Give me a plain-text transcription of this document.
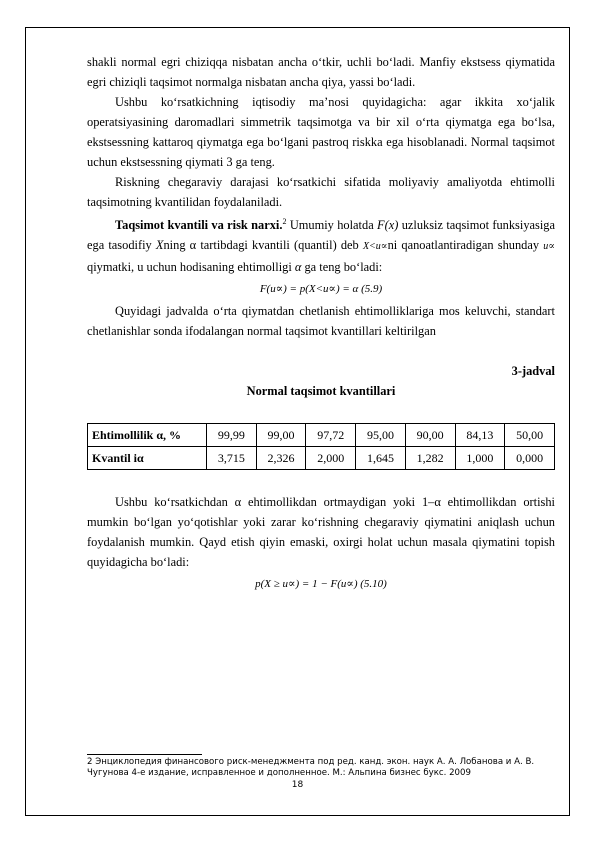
shakli normal egri chiziqqa nisbatan ancha o‘tkir, uchli bo‘ladi. Manfiy ekstsess qiymatida egri chiziqli taqsimot normalga nisbatan ancha qiya, yassi bo‘ladi.

Ushbu ko‘rsatkichning iqtisodiy ma’nosi quyidagicha: agar ikkita xo‘jalik operatsiyasining daromadlari simmetrik taqsimotga va bir xil o‘rta qiymatga ega bo‘lsa, ekstsessning kattaroq qiymatga ega bo‘lgani pastroq riskka ega hisoblanadi. Normal taqsimot uchun ekstsessning qiymati 3 ga teng.

Riskning chegaraviy darajasi ko‘rsatkichi sifatida moliyaviy amaliyotda ehtimolli taqsimotning kvantilidan foydalaniladi.

Taqsimot kvantili va risk narxi.$^2$ Umumiy holatda F(x) uzluksiz taqsimot funksiyasiga ega tasodifiy Xning α tartibdagi kvantili (quantil) deb X<u∝ni qanoatlantiradigan shunday u∝ qiymatki, u uchun hodisaning ehtimolligi α ga teng bo‘ladi:

F(u∝) = p(X<u∝) = α (5.9)

Quyidagi jadvalda o‘rta qiymatdan chetlanish ehtimolliklariga mos keluvchi, standart chetlanishlar sonda ifodalangan normal taqsimot kvantillari keltirilgan

3-jadval
Normal taqsimot kvantillari
Ehtimollilik α, %	99,99	99,00	97,72	95,00	90,00	84,13	50,00
Kvantil iα	3,715	2,326	2,000	1,645	1,282	1,000	0,000

Ushbu ko‘rsatkichdan α ehtimollikdan ortmaydigan yoki 1–α ehtimollikdan ortishi mumkin bo‘lgan yo‘qotishlar yoki zarar ko‘rishning chegaraviy qiymatini aniqlash uchun foydalanish mumkin. Qayd etish qiyin emaski, oxirgi holat uchun masala qiymatini topish quyidagicha bo‘ladi:

p(X ≥ u∝) = 1 − F(u∝) (5.10)
2 Энциклопедия финансового риск-менеджмента под ред. канд. экон. наук А. А. Лобанова и А. В. Чугунова 4-е издание, исправленное и дополненное. М.: Альпина бизнес букс. 2009
18
